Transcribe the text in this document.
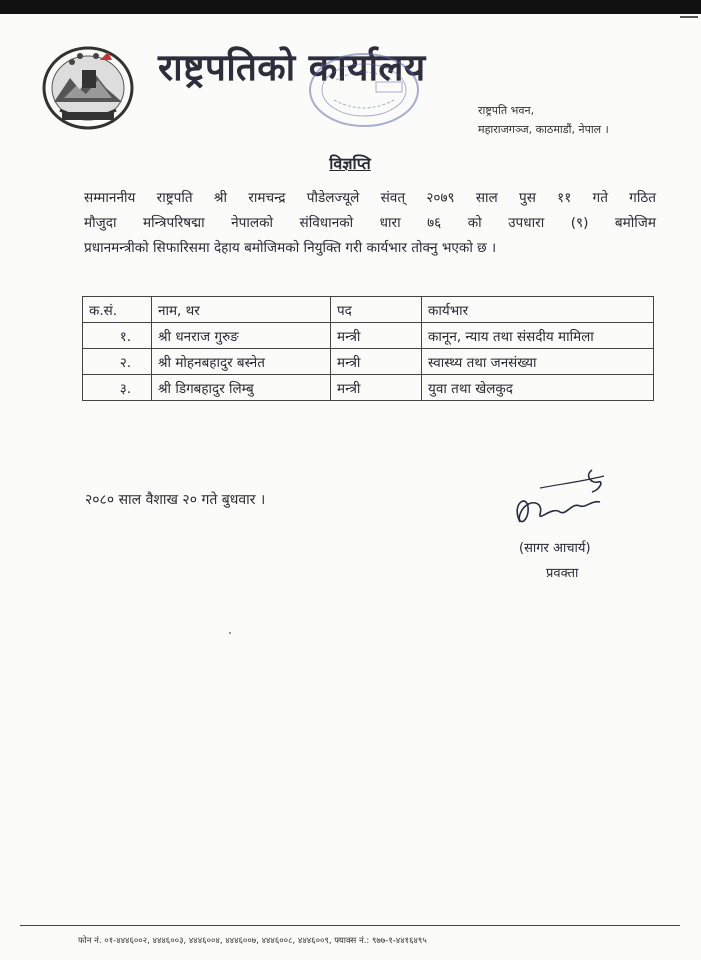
राष्ट्रपतिको कार्यालय
राष्ट्रपति भवन,
महाराजगञ्ज, काठमाडौं, नेपाल ।
विज्ञप्ति
सम्माननीय राष्ट्रपति श्री रामचन्द्र पौडेलज्यूले संवत् २०७९ साल पुस ११ गते गठित
मौजुदा मन्त्रिपरिषद्मा नेपालको संविधानको धारा ७६ को उपधारा (९) बमोजिम
प्रधानमन्त्रीको सिफारिसमा देहाय बमोजिमको नियुक्ति गरी कार्यभार तोक्नु भएको छ ।
क.सं.	नाम, थर	पद	कार्यभार
१.	श्री धनराज गुरुङ	मन्त्री	कानून, न्याय तथा संसदीय मामिला
२.	श्री मोहनबहादुर बस्नेत	मन्त्री	स्वास्थ्य तथा जनसंख्या
३.	श्री डिगबहादुर लिम्बु	मन्त्री	युवा तथा खेलकुद
२०८० साल वैशाख २० गते बुधवार ।
(सागर आचार्य)
प्रवक्ता
फोन नं. ०१-४४४६००२, ४४४६००३, ४४४६००४, ४४४६००७, ४४४६००८, ४४४६००९, फ्याक्स नं.: ९७७-१-४४१६४९५
